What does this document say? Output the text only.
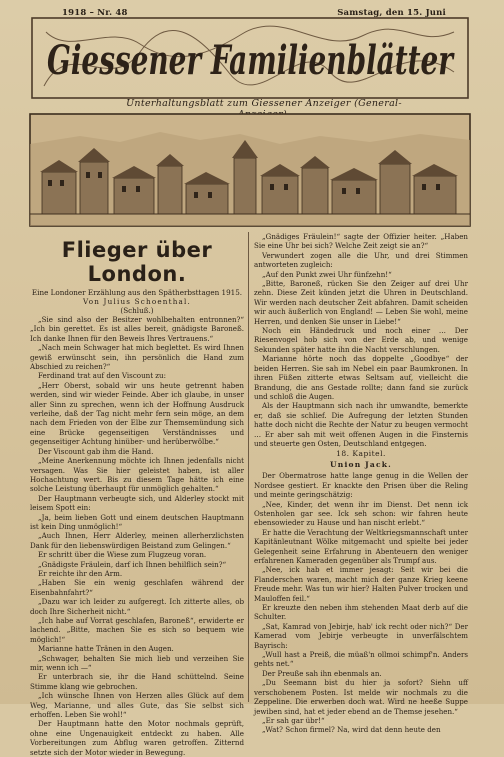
1918 – Nr. 48	Samstag, den 15. Juni
Giessener Familienblätter
Unterhaltungsblatt zum Giessener Anzeiger (General-
Flieger über London.
Eine Londoner Erzählung aus den Spätherbsttagen 1915.
Von Julius Schoenthal.
(Schluß.)

„Sie sind also der Besitzer wohlbehalten entronnen?“ „Ich bin gerettet. Es ist alles bereit, gnädigste Baroneß. Ich danke Ihnen für den Beweis Ihres Vertrauens.“

„Nach mein Schwager hat mich beglettet. Es wird Ihnen gewiß erwünscht sein, ihn persönlich die Hand zum Abschied zu reichen?“

Ferdinand trat auf den Viscount zu:

„Herr Oberst, sobald wir uns heute getrennt haben werden, sind wir wieder Feinde. Aber ich glaube, in unser aller Sinn zu sprechen, wenn ich der Hoffnung Ausdruck verleihe, daß der Tag nicht mehr fern sein möge, an dem nach dem Frieden von der Elbe zur Themsemündung sich eine Brücke gegenseitigen Verständnisses und gegenseitiger Achtung hinüber- und herüberwölbe.“

Der Viscount gab ihm die Hand.

„Meine Anerkennung möchte ich Ihnen jedenfalls nicht versagen. Was Sie hier geleistet haben, ist aller Hochachtung wert. Bis zu diesem Tage hätte ich eine solche Leistung überhaupt für unmöglich gehalten.“

Der Hauptmann verbeugte sich, und Alderley stockt mit leisem Spott ein:

„Ja, beim lieben Gott und einem deutschen Hauptmann ist kein Ding unmöglich!“

„Auch Ihnen, Herr Alderley, meinen allerherzlichsten Dank für den liebenswürdigen Beistand zum Gelingen.“

Er schritt über die Wiese zum Flugzeug voran.

„Gnädigste Fräulein, darf ich Ihnen behilflich sein?“

Er reichte ihr den Arm.

„Haben Sie ein wenig geschlafen während der Eisenbahnfahrt?“

„Dazu war ich leider zu aufgeregt. Ich zitterte alles, ob doch Ihre Sicherheit nicht.“

„Ich habe auf Vorrat geschlafen, Baroneß“, erwiderte er lachend. „Bitte, machen Sie es sich so bequem wie möglich!“

Marianne hatte Tränen in den Augen.

„Schwager, behalten Sie mich lieb und verzeihen Sie mir, wenn ich —“

Er unterbrach sie, ihr die Hand schüttelnd. Seine Stimme klang wie gebrochen.

„Ich wünsche Ihnen von Herzen alles Glück auf dem Weg, Marianne, und alles Gute, das Sie selbst sich erhoffen. Leben Sie wohl!“

Der Hauptmann hatte den Motor nochmals geprüft, ohne eine Ungenauigkeit entdeckt zu haben. Alle Vorbereitungen zum Abflug waren getroffen. Zitternd setzte sich der Motor wieder in Bewegung.

„Gnädiges Fräulein!“ sagte der Offizier heiter. „Haben Sie eine Uhr bei sich? Welche Zeit zeigt sie an?“

Verwundert zogen alle die Uhr, und drei Stimmen antworteten zugleich:

„Auf den Punkt zwei Uhr fünfzehn!“

„Bitte, Baroneß, rücken Sie den Zeiger auf drei Uhr zehn. Diese Zeit künden jetzt die Uhren in Deutschland. Wir werden nach deutscher Zeit abfahren. Damit scheiden wir auch äußerlich von England! — Leben Sie wohl, meine Herren, und denken Sie unser in Liebe!“

Noch ein Händedruck und noch einer … Der Riesenvogel hob sich von der Erde ab, und wenige Sekunden später hatte ihn die Nacht verschlungen.

Marianne hörte noch das doppelte „Goodbye“ der beiden Herren. Sie sah im Nebel ein paar Baumkronen. In ihren Füßen zitterte etwas Seltsam auf, vielleicht die Brandung, die ans Gestade rollte; dann fand sie zurück und schloß die Augen.

Als der Hauptmann sich nach ihr umwandte, bemerkte er, daß sie schlief. Die Aufregung der letzten Stunden hatte doch nicht die Rechte der Natur zu beugen vermocht … Er aber sah mit weit offenen Augen in die Finsternis und steuerte gen Osten, Deutschland entgegen.

18. Kapitel.
Union Jack.

Der Obermatrose hatte lange genug in die Wellen der Nordsee gestiert. Er knackte den Prisen über die Reling und meinte geringschätzig:

„Nee, Kinder, det wenn ihr im Dienst. Det nenn ick Ostenholen gar see. Ick seh schon: wir fahren heute ebensowieder zu Hause und han nischt erlebt.“

Er hatte die Verachtung der Weltkriegsmannschaft unter Kapitänleutnant Wölke mitgemacht und spielte bei jeder Gelegenheit seine Erfahrung in Abenteuern den weniger erfahrenen Kameraden gegenüber als Trumpf aus.

„Nee, ick hab et immer jesagt: Seit wir bei die Flanderschen waren, macht mich der ganze Krieg keene Freude mehr. Was tun wir hier? Halten Pulver trocken und Mauloffen feil.“

Er kreuzte den neben ihm stehenden Maat derb auf die Schulter.

„Sat, Kamrad von Jebirje, hab' ick recht oder nich?“ Der Kamerad vom Jebirje verbeugte in unverfälschtem Bayrisch:

„Wull hast a Preiß, die müaß'n ollmoi schimpf'n. Anders gehts net.“

Der Preuße sah ihn ebenmals an.

„Du Seemann bist du hier ja sofort? Siehn uff verschobenem Posten. Ist melde wir nochmals zu die Zeppeline. Die erwerben doch wat. Wird ne heeße Suppe jewiben sind, hat et jeder ebend an de Themse jesehen.“

„Er sah gar übr!“

„Wat? Schon firmel? Na, wird dat denn heute den
